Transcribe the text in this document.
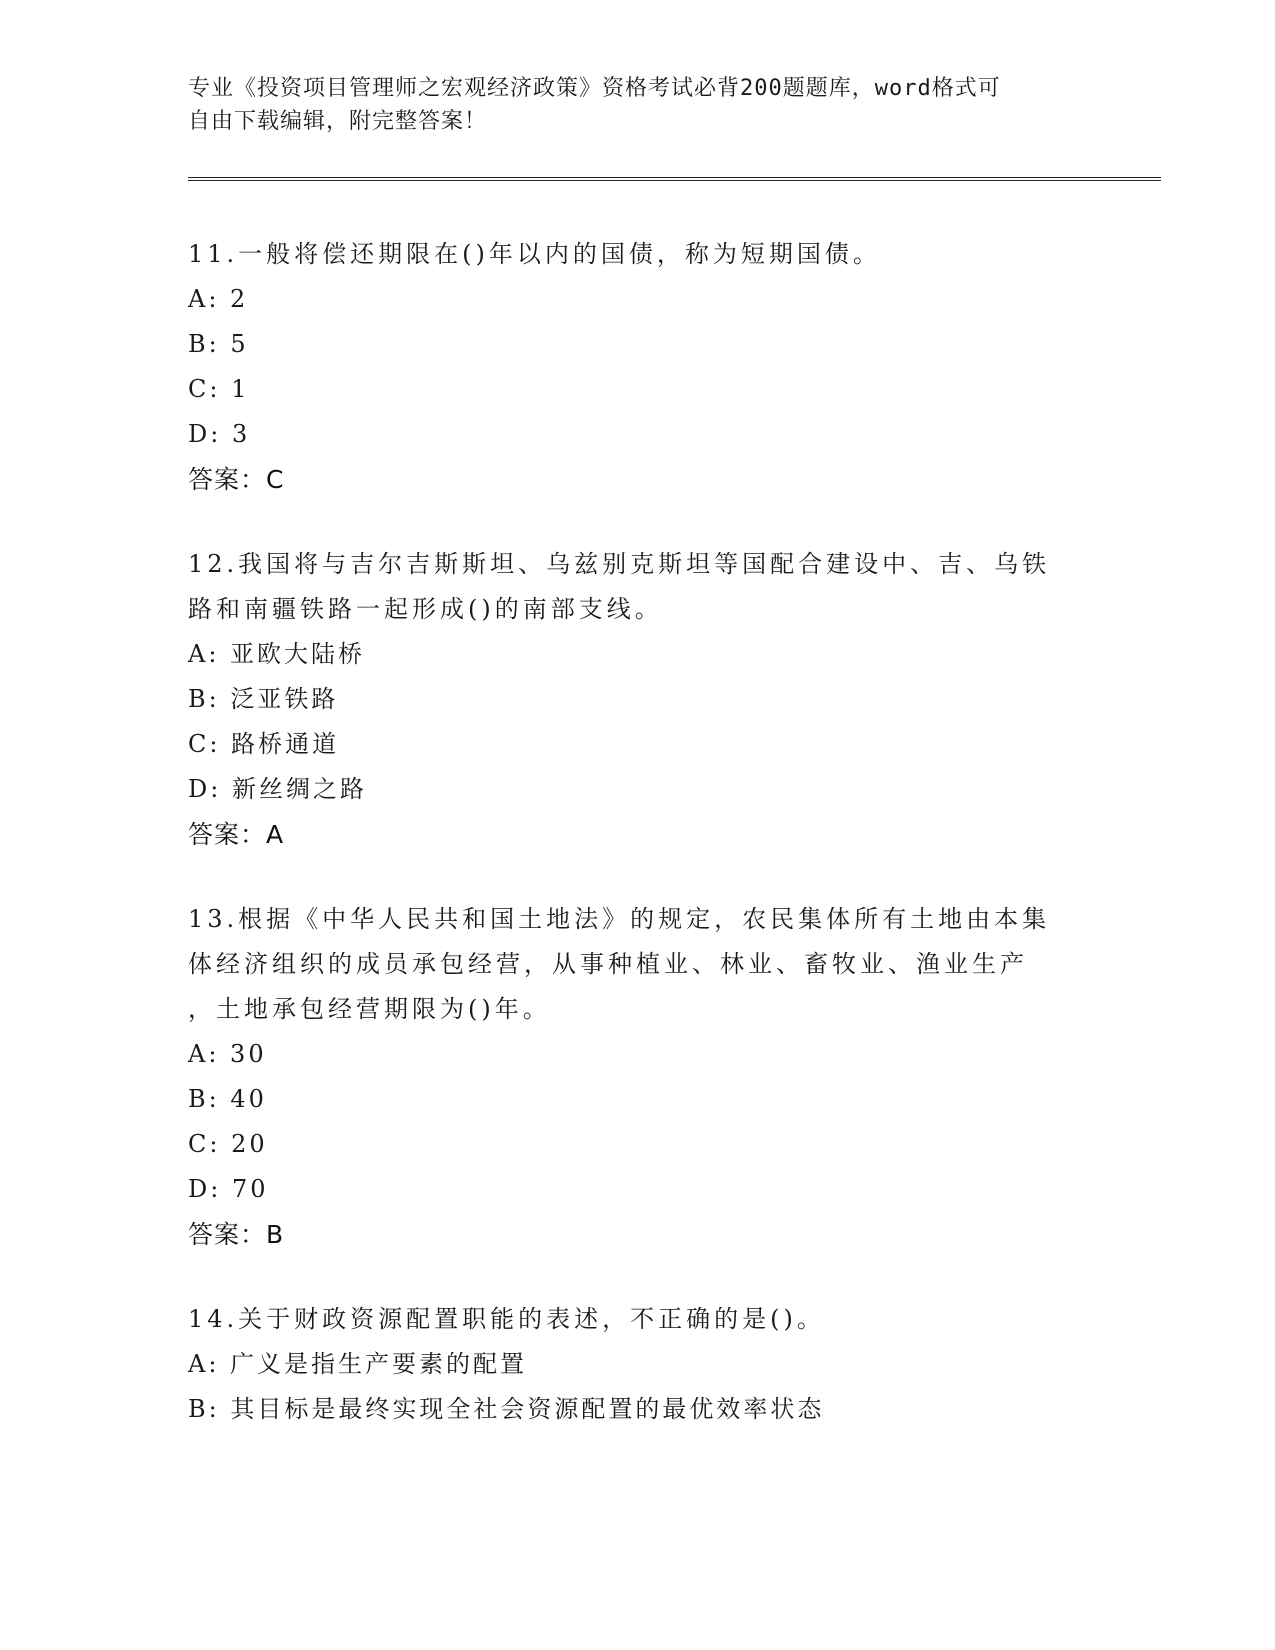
专业《投资项目管理师之宏观经济政策》资格考试必背200题题库，word格式可
自由下载编辑，附完整答案！
11.一般将偿还期限在()年以内的国债，称为短期国债。
A: 2
B: 5
C: 1
D: 3
答案：C
12.我国将与吉尔吉斯斯坦、乌兹别克斯坦等国配合建设中、吉、乌铁
路和南疆铁路一起形成()的南部支线。
A: 亚欧大陆桥
B: 泛亚铁路
C: 路桥通道
D: 新丝绸之路
答案：A
13.根据《中华人民共和国土地法》的规定，农民集体所有土地由本集
体经济组织的成员承包经营，从事种植业、林业、畜牧业、渔业生产
，土地承包经营期限为()年。
A: 30
B: 40
C: 20
D: 70
答案：B
14.关于财政资源配置职能的表述，不正确的是()。
A: 广义是指生产要素的配置
B: 其目标是最终实现全社会资源配置的最优效率状态
